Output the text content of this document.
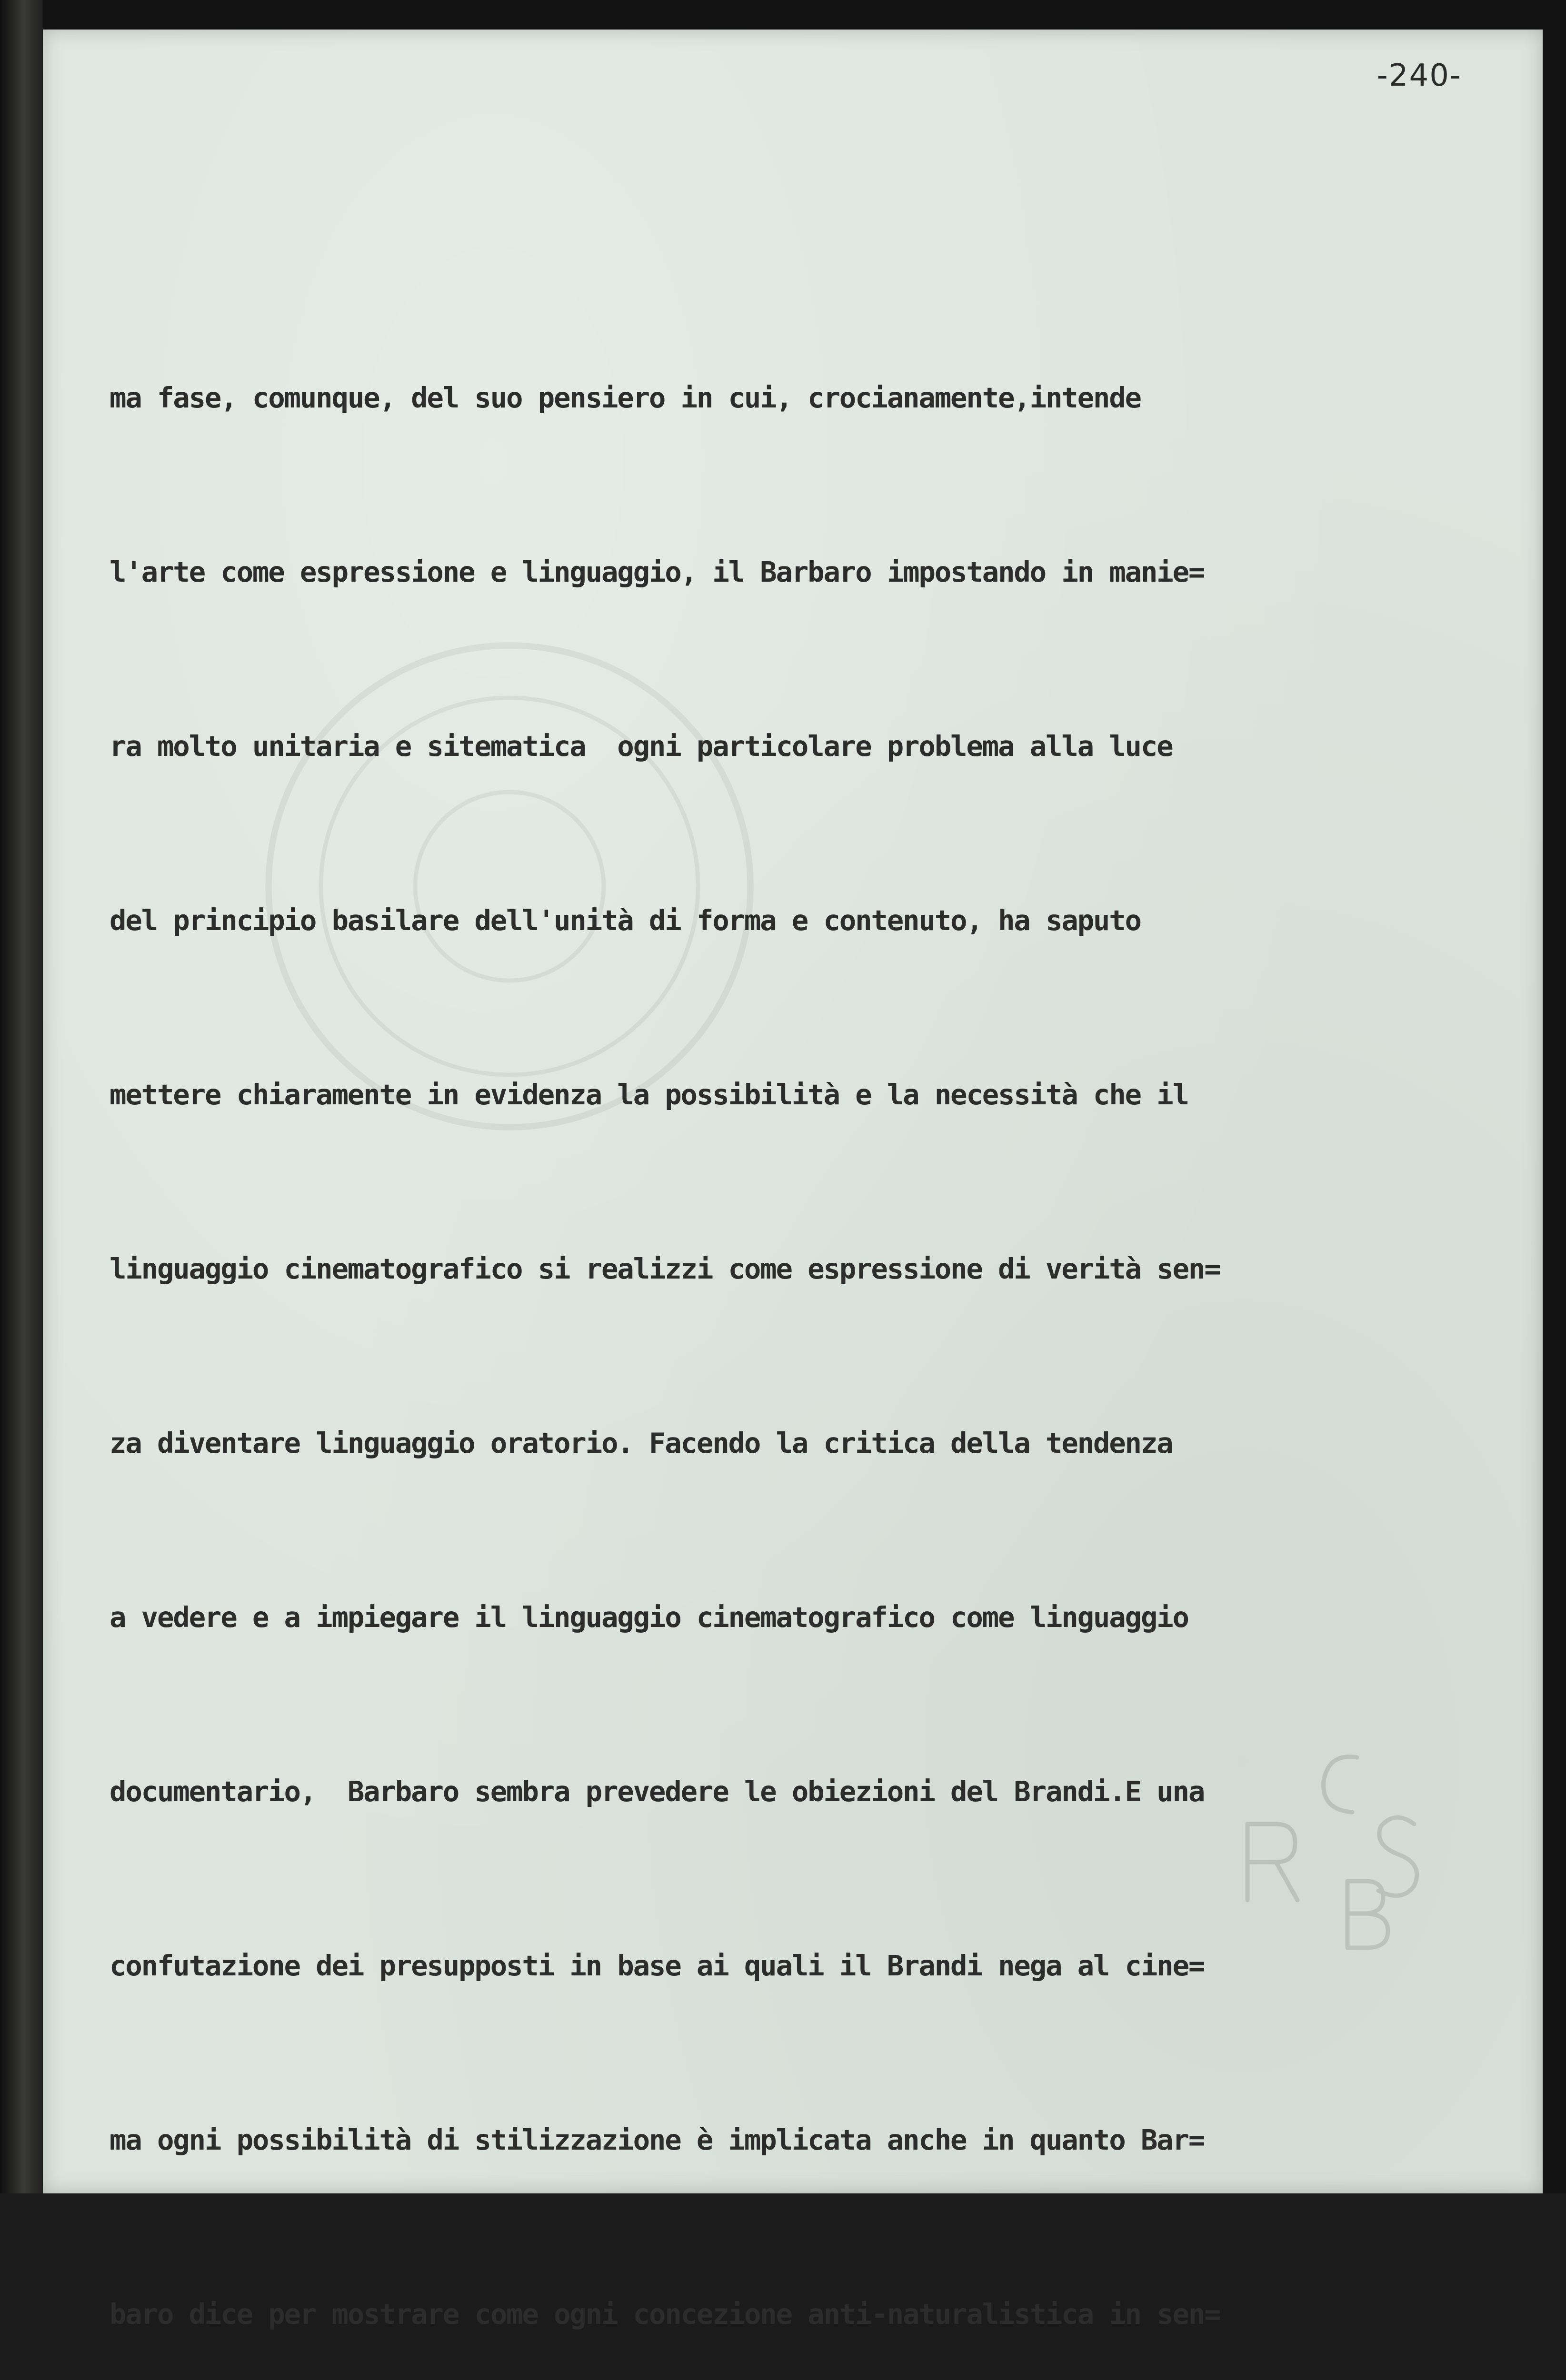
-240-

ma fase, comunque, del suo pensiero in cui, crocianamente,intende

l'arte come espressione e linguaggio, il Barbaro impostando in manie=

ra molto unitaria e sitematica  ogni particolare problema alla luce

del principio basilare dell'unità di forma e contenuto, ha saputo

mettere chiaramente in evidenza la possibilità e la necessità che il

linguaggio cinematografico si realizzi come espressione di verità sen=

za diventare linguaggio oratorio. Facendo la critica della tendenza

a vedere e a impiegare il linguaggio cinematografico come linguaggio

documentario,  Barbaro sembra prevedere le obiezioni del Brandi.E una

confutazione dei presupposti in base ai quali il Brandi nega al cine=

ma ogni possibilità di stilizzazione è implicata anche in quanto Bar=

baro dice per mostrare come ogni concezione anti-naturalistica in sen=
